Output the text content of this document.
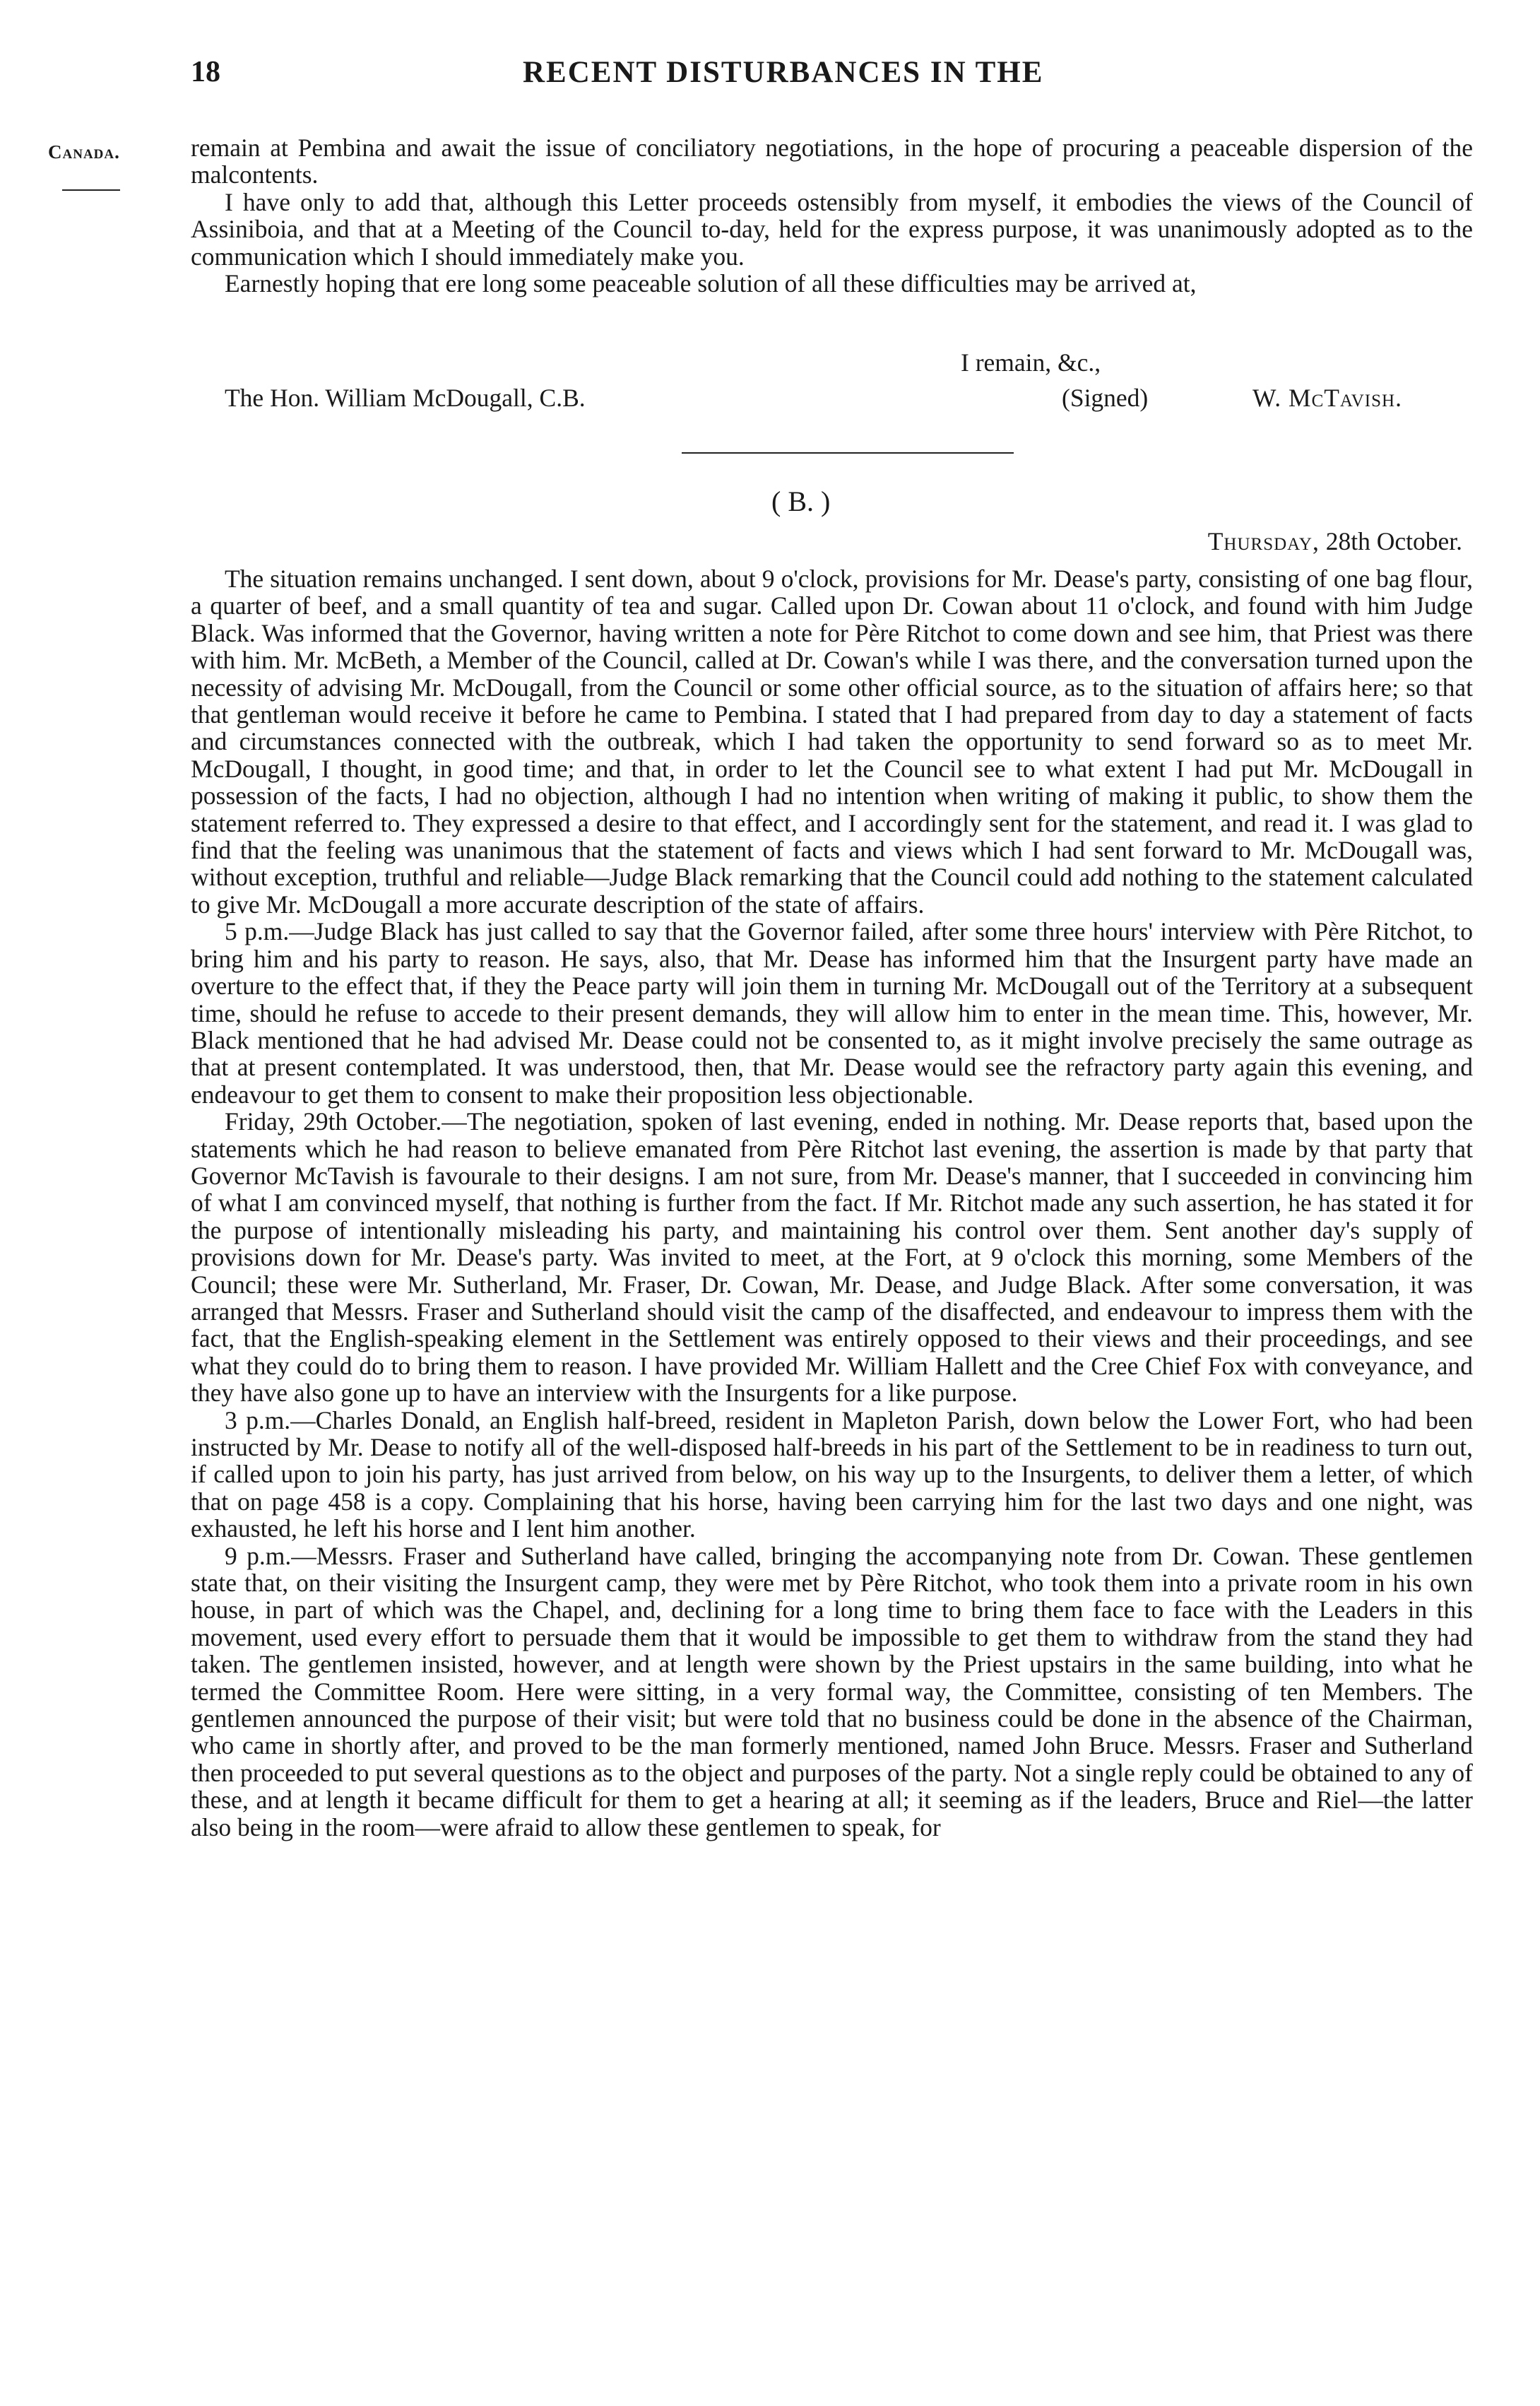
18	RECENT DISTURBANCES IN THE
Canada.	remain at Pembina and await the issue of conciliatory negotiations, in the hope of procuring a peaceable dispersion of the malcontents.

I have only to add that, although this Letter proceeds ostensibly from myself, it embodies the views of the Council of Assiniboia, and that at a Meeting of the Council to-day, held for the express purpose, it was unanimously adopted as to the communication which I should immediately make you.

Earnestly hoping that ere long some peaceable solution of all these difficulties may be arrived at,

I remain, &c.,
The Hon. William McDougall, C.B.	(Signed)	W. McTavish.
( B. )
Thursday, 28th October.

The situation remains unchanged. I sent down, about 9 o'clock, provisions for Mr. Dease's party, consisting of one bag flour, a quarter of beef, and a small quantity of tea and sugar. Called upon Dr. Cowan about 11 o'clock, and found with him Judge Black. Was informed that the Governor, having written a note for Père Ritchot to come down and see him, that Priest was there with him. Mr. McBeth, a Member of the Council, called at Dr. Cowan's while I was there, and the conversation turned upon the necessity of advising Mr. McDougall, from the Council or some other official source, as to the situation of affairs here; so that that gentleman would receive it before he came to Pembina. I stated that I had prepared from day to day a statement of facts and circumstances connected with the outbreak, which I had taken the opportunity to send forward so as to meet Mr. McDougall, I thought, in good time; and that, in order to let the Council see to what extent I had put Mr. McDougall in possession of the facts, I had no objection, although I had no intention when writing of making it public, to show them the statement referred to. They expressed a desire to that effect, and I accordingly sent for the statement, and read it. I was glad to find that the feeling was unanimous that the statement of facts and views which I had sent forward to Mr. McDougall was, without exception, truthful and reliable—Judge Black remarking that the Council could add nothing to the statement calculated to give Mr. McDougall a more accurate description of the state of affairs.

5 p.m.—Judge Black has just called to say that the Governor failed, after some three hours' interview with Père Ritchot, to bring him and his party to reason. He says, also, that Mr. Dease has informed him that the Insurgent party have made an overture to the effect that, if they the Peace party will join them in turning Mr. McDougall out of the Territory at a subsequent time, should he refuse to accede to their present demands, they will allow him to enter in the mean time. This, however, Mr. Black mentioned that he had advised Mr. Dease could not be consented to, as it might involve precisely the same outrage as that at present contemplated. It was understood, then, that Mr. Dease would see the refractory party again this evening, and endeavour to get them to consent to make their proposition less objectionable.

Friday, 29th October.—The negotiation, spoken of last evening, ended in nothing. Mr. Dease reports that, based upon the statements which he had reason to believe emanated from Père Ritchot last evening, the assertion is made by that party that Governor McTavish is favourale to their designs. I am not sure, from Mr. Dease's manner, that I succeeded in convincing him of what I am convinced myself, that nothing is further from the fact. If Mr. Ritchot made any such assertion, he has stated it for the purpose of intentionally misleading his party, and maintaining his control over them. Sent another day's supply of provisions down for Mr. Dease's party. Was invited to meet, at the Fort, at 9 o'clock this morning, some Members of the Council; these were Mr. Sutherland, Mr. Fraser, Dr. Cowan, Mr. Dease, and Judge Black. After some conversation, it was arranged that Messrs. Fraser and Sutherland should visit the camp of the disaffected, and endeavour to impress them with the fact, that the English-speaking element in the Settlement was entirely opposed to their views and their proceedings, and see what they could do to bring them to reason. I have provided Mr. William Hallett and the Cree Chief Fox with conveyance, and they have also gone up to have an interview with the Insurgents for a like purpose.

3 p.m.—Charles Donald, an English half-breed, resident in Mapleton Parish, down below the Lower Fort, who had been instructed by Mr. Dease to notify all of the well-disposed half-breeds in his part of the Settlement to be in readiness to turn out, if called upon to join his party, has just arrived from below, on his way up to the Insurgents, to deliver them a letter, of which that on page 458 is a copy. Complaining that his horse, having been carrying him for the last two days and one night, was exhausted, he left his horse and I lent him another.

9 p.m.—Messrs. Fraser and Sutherland have called, bringing the accompanying note from Dr. Cowan. These gentlemen state that, on their visiting the Insurgent camp, they were met by Père Ritchot, who took them into a private room in his own house, in part of which was the Chapel, and, declining for a long time to bring them face to face with the Leaders in this movement, used every effort to persuade them that it would be impossible to get them to withdraw from the stand they had taken. The gentlemen insisted, however, and at length were shown by the Priest upstairs in the same building, into what he termed the Committee Room. Here were sitting, in a very formal way, the Committee, consisting of ten Members. The gentlemen announced the purpose of their visit; but were told that no business could be done in the absence of the Chairman, who came in shortly after, and proved to be the man formerly mentioned, named John Bruce. Messrs. Fraser and Sutherland then proceeded to put several questions as to the object and purposes of the party. Not a single reply could be obtained to any of these, and at length it became difficult for them to get a hearing at all; it seeming as if the leaders, Bruce and Riel—the latter also being in the room—were afraid to allow these gentlemen to speak, for
